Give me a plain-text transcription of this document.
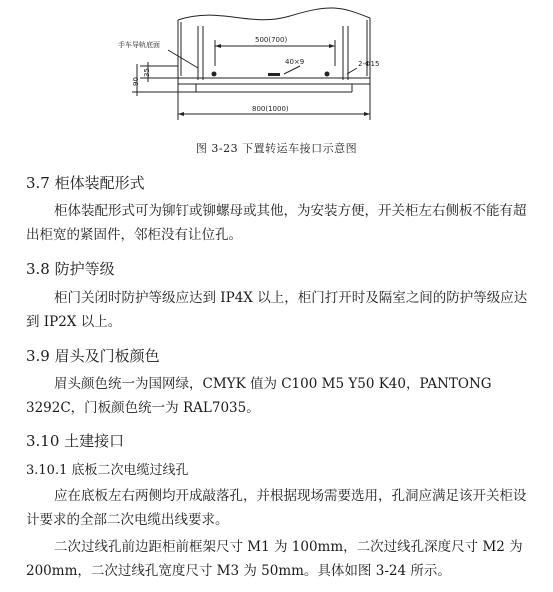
手车导轨底面
500(700)
40×9	2-Φ15
35
90
800(1000)
图 3-23 下置转运车接口示意图
3.7 柜体装配形式
柜体装配形式可为铆钉或铆螺母或其他，为安装方便，开关柜左右侧板不能有超出柜宽的紧固件，邻柜没有让位孔。
3.8 防护等级
柜门关闭时防护等级应达到 IP4X 以上，柜门打开时及隔室之间的防护等级应达到 IP2X 以上。
3.9 眉头及门板颜色
眉头颜色统一为国网绿，CMYK 值为 C100 M5 Y50 K40，PANTONG 3292C，门板颜色统一为 RAL7035。
3.10 土建接口
3.10.1 底板二次电缆过线孔
应在底板左右两侧均开成敲落孔，并根据现场需要选用，孔洞应满足该开关柜设计要求的全部二次电缆出线要求。
二次过线孔前边距柜前框架尺寸 M1 为 100mm，二次过线孔深度尺寸 M2 为 200mm，二次过线孔宽度尺寸 M3 为 50mm。具体如图 3-24 所示。
